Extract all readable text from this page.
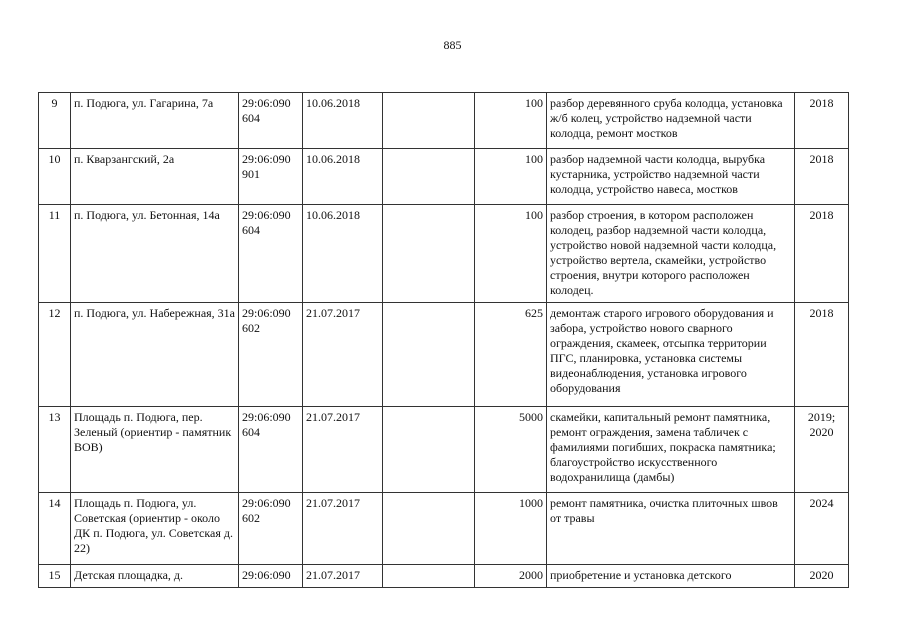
885
9	п. Подюга, ул. Гагарина, 7а	29:06:090 604	10.06.2018		100	разбор деревянного сруба колодца, установка ж/б колец, устройство надземной части колодца, ремонт мостков	2018
10	п. Кварзангский, 2а	29:06:090 901	10.06.2018		100	разбор надземной части колодца, вырубка кустарника, устройство надземной части колодца, устройство навеса, мостков	2018
11	п. Подюга, ул. Бетонная, 14а	29:06:090 604	10.06.2018		100	разбор строения, в котором расположен колодец, разбор надземной части колодца, устройство новой надземной части колодца, устройство вертела, скамейки, устройство строения, внутри которого расположен колодец.	2018
12	п. Подюга, ул. Набережная, 31а	29:06:090 602	21.07.2017		625	демонтаж старого игрового оборудования и забора, устройство нового сварного ограждения, скамеек, отсыпка территории ПГС, планировка, установка системы видеонаблюдения, установка игрового оборудования	2018
13	Площадь п. Подюга, пер. Зеленый (ориентир - памятник ВОВ)	29:06:090 604	21.07.2017		5000	скамейки, капитальный ремонт памятника, ремонт ограждения, замена табличек с фамилиями погибших, покраска памятника; благоустройство искусственного водохранилища (дамбы)	2019; 2020
14	Площадь п. Подюга, ул. Советская (ориентир - около ДК п. Подюга, ул. Советская д. 22)	29:06:090 602	21.07.2017		1000	ремонт памятника, очистка плиточных швов от травы	2024
15	Детская площадка, д.	29:06:090	21.07.2017		2000	приобретение и установка детского	2020
